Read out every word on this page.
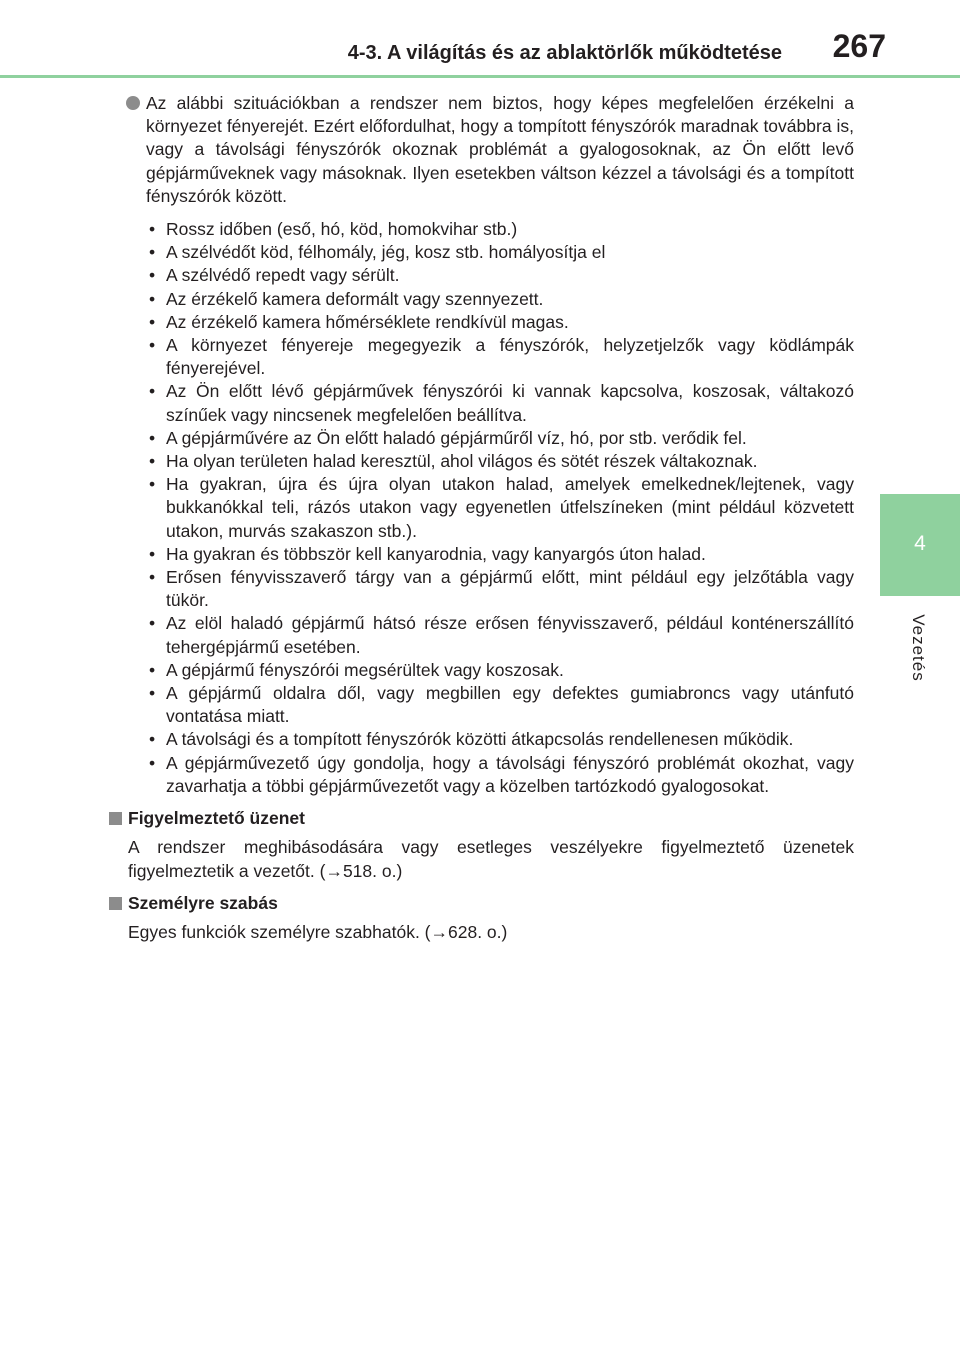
4-3. A világítás és az ablaktörlők működtetése 267
4
Vezetés
Az alábbi szituációkban a rendszer nem biztos, hogy képes megfelelően érzékelni a környezet fényerejét. Ezért előfordulhat, hogy a tompított fényszórók maradnak továbbra is, vagy a távolsági fényszórók okoznak problémát a gyalogosoknak, az Ön előtt levő gépjárműveknek vagy másoknak. Ilyen esetekben váltson kézzel a távolsági és a tompított fényszórók között.
• Rossz időben (eső, hó, köd, homokvihar stb.)
• A szélvédőt köd, félhomály, jég, kosz stb. homályosítja el
• A szélvédő repedt vagy sérült.
• Az érzékelő kamera deformált vagy szennyezett.
• Az érzékelő kamera hőmérséklete rendkívül magas.
• A környezet fényereje megegyezik a fényszórók, helyzetjelzők vagy ködlámpák fényerejével.
• Az Ön előtt lévő gépjárművek fényszórói ki vannak kapcsolva, koszosak, váltakozó színűek vagy nincsenek megfelelően beállítva.
• A gépjárművére az Ön előtt haladó gépjárműről víz, hó, por stb. verődik fel.
• Ha olyan területen halad keresztül, ahol világos és sötét részek váltakoznak.
• Ha gyakran, újra és újra olyan utakon halad, amelyek emelkednek/lejtenek, vagy bukkanókkal teli, rázós utakon vagy egyenetlen útfelszíneken (mint például közvetett utakon, murvás szakaszon stb.).
• Ha gyakran és többször kell kanyarodnia, vagy kanyargós úton halad.
• Erősen fényvisszaverő tárgy van a gépjármű előtt, mint például egy jelzőtábla vagy tükör.
• Az elöl haladó gépjármű hátsó része erősen fényvisszaverő, például konténerszállító tehergépjármű esetében.
• A gépjármű fényszórói megsérültek vagy koszosak.
• A gépjármű oldalra dől, vagy megbillen egy defektes gumiabroncs vagy utánfutó vontatása miatt.
• A távolsági és a tompított fényszórók közötti átkapcsolás rendellenesen működik.
• A gépjárművezető úgy gondolja, hogy a távolsági fényszóró problémát okozhat, vagy zavarhatja a többi gépjárművezetőt vagy a közelben tartózkodó gyalogosokat.
Figyelmeztető üzenet
A rendszer meghibásodására vagy esetleges veszélyekre figyelmeztető üzenetek figyelmeztetik a vezetőt. (→518. o.)
Személyre szabás
Egyes funkciók személyre szabhatók. (→628. o.)
